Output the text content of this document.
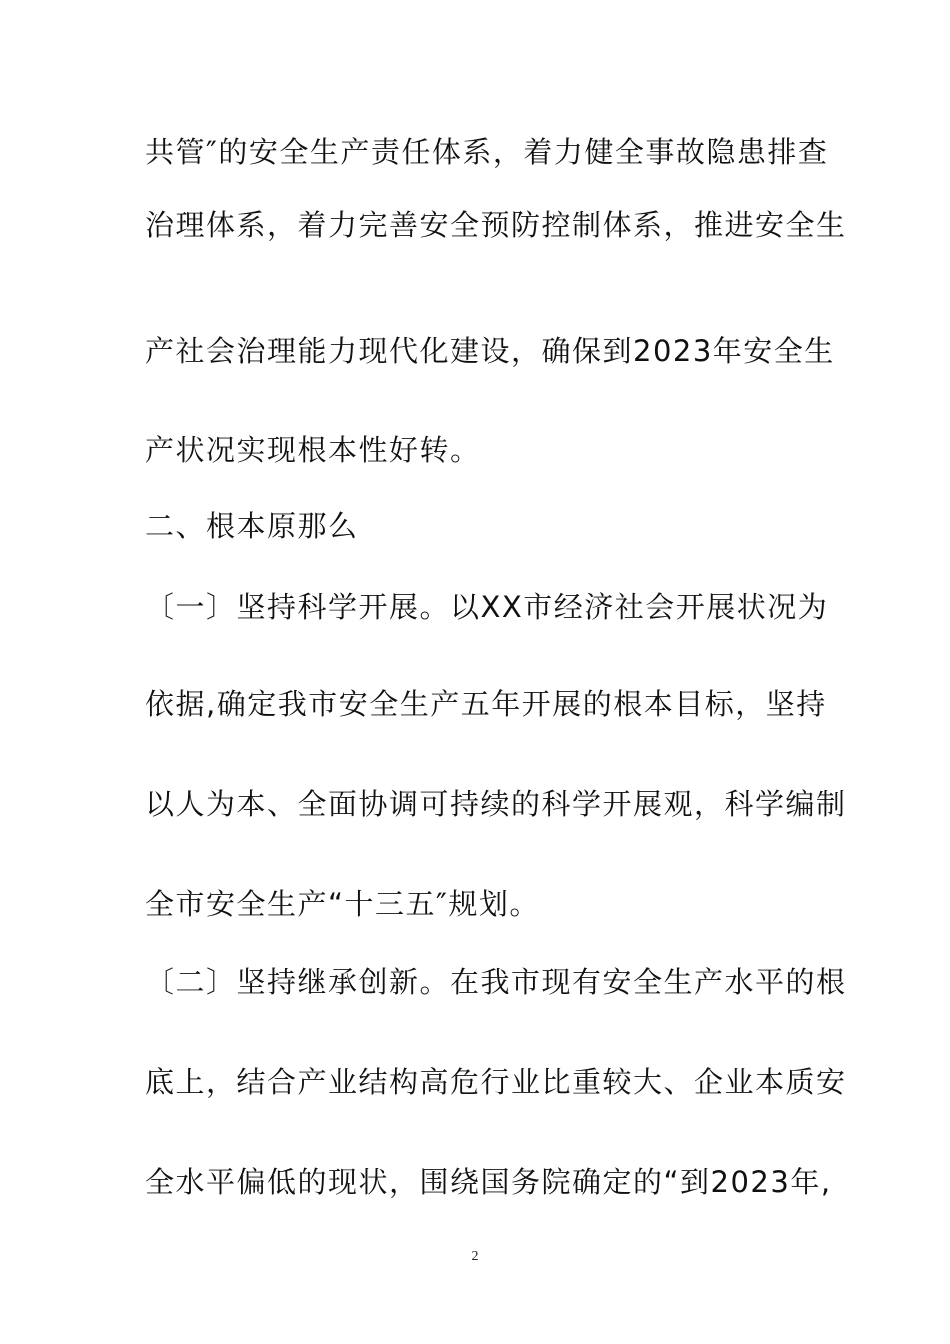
共管″的安全生产责任体系，着力健全事故隐患排查
治理体系，着力完善安全预防控制体系，推进安全生
产社会治理能力现代化建设，确保到2023年安全生
产状况实现根本性好转。
二、根本原那么
〔一〕坚持科学开展。以XX市经济社会开展状况为
依据,确定我市安全生产五年开展的根本目标，坚持
以人为本、全面协调可持续的科学开展观，科学编制
全市安全生产“十三五″规划。
〔二〕坚持继承创新。在我市现有安全生产水平的根
底上，结合产业结构高危行业比重较大、企业本质安
全水平偏低的现状，围绕国务院确定的“到2023年,
2
